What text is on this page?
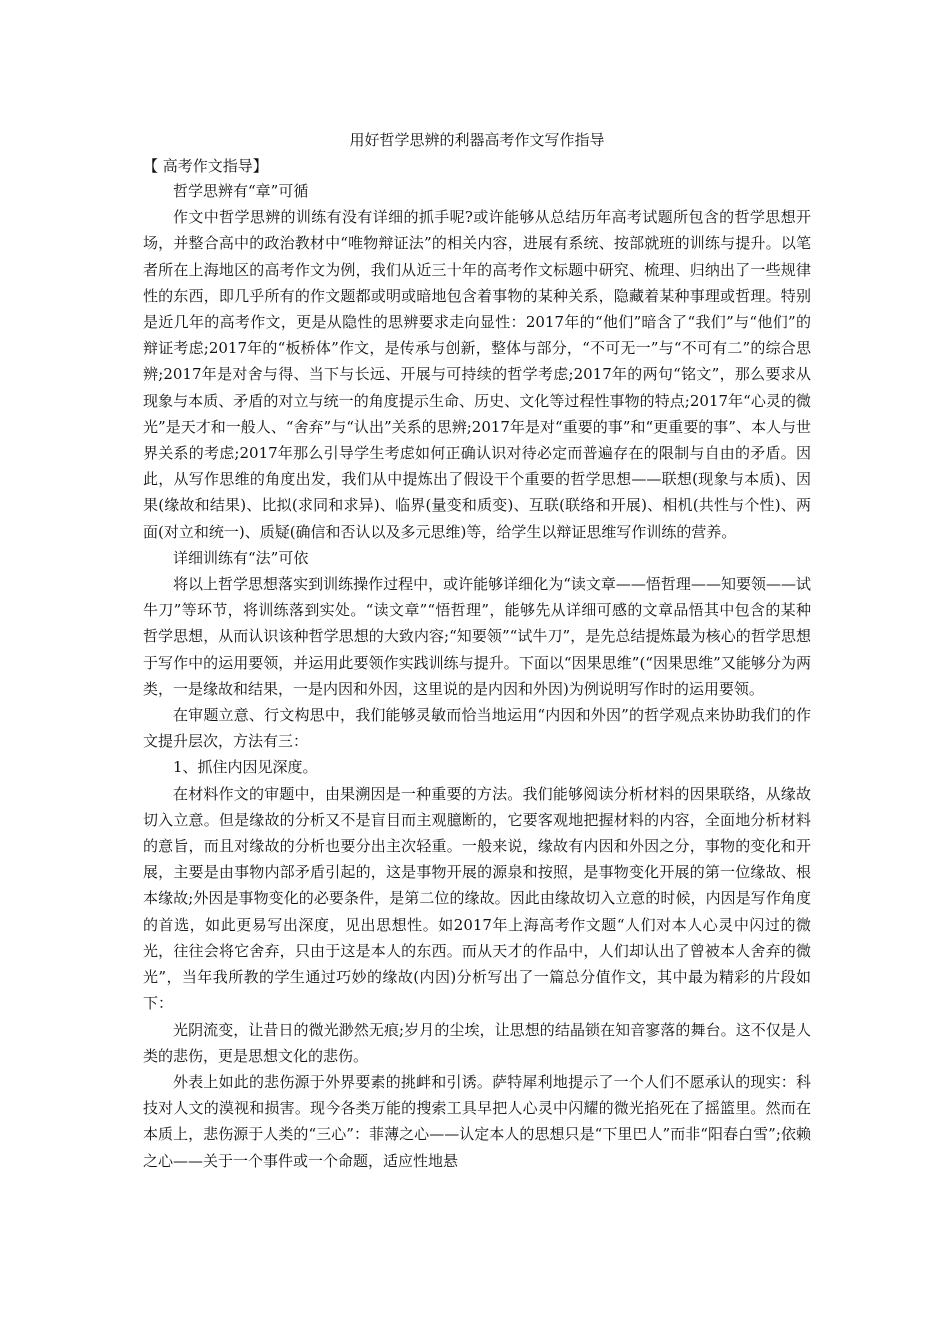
用好哲学思辨的利器高考作文写作指导

【 高考作文指导】

哲学思辨有“章”可循

作文中哲学思辨的训练有没有详细的抓手呢?或许能够从总结历年高考试题所包含的哲学思想开场，并整合高中的政治教材中“唯物辩证法”的相关内容，进展有系统、按部就班的训练与提升。以笔者所在上海地区的高考作文为例，我们从近三十年的高考作文标题中研究、梳理、归纳出了一些规律性的东西，即几乎所有的作文题都或明或暗地包含着事物的某种关系，隐藏着某种事理或哲理。特别是近几年的高考作文，更是从隐性的思辨要求走向显性：2017年的“他们”暗含了“我们”与“他们”的辩证考虑;2017年的“板桥体”作文，是传承与创新，整体与部分，“不可无一”与“不可有二”的综合思辨;2017年是对舍与得、当下与长远、开展与可持续的哲学考虑;2017年的两句“铭文”，那么要求从现象与本质、矛盾的对立与统一的角度提示生命、历史、文化等过程性事物的特点;2017年“心灵的微光”是天才和一般人、“舍弃”与“认出”关系的思辨;2017年是对“重要的事”和“更重要的事”、本人与世界关系的考虑;2017年那么引导学生考虑如何正确认识对待必定而普遍存在的限制与自由的矛盾。因此，从写作思维的角度出发，我们从中提炼出了假设干个重要的哲学思想——联想(现象与本质)、因果(缘故和结果)、比拟(求同和求异)、临界(量变和质变)、互联(联络和开展)、相机(共性与个性)、两面(对立和统一)、质疑(确信和否认以及多元思维)等，给学生以辩证思维写作训练的营养。

详细训练有“法”可依

将以上哲学思想落实到训练操作过程中，或许能够详细化为“读文章——悟哲理——知要领——试牛刀”等环节，将训练落到实处。“读文章”“悟哲理”，能够先从详细可感的文章品悟其中包含的某种哲学思想，从而认识该种哲学思想的大致内容;“知要领”“试牛刀”，是先总结提炼最为核心的哲学思想于写作中的运用要领，并运用此要领作实践训练与提升。下面以“因果思维”(“因果思维”又能够分为两类，一是缘故和结果，一是内因和外因，这里说的是内因和外因)为例说明写作时的运用要领。

在审题立意、行文构思中，我们能够灵敏而恰当地运用“内因和外因”的哲学观点来协助我们的作文提升层次，方法有三：

1、抓住内因见深度。

在材料作文的审题中，由果溯因是一种重要的方法。我们能够阅读分析材料的因果联络，从缘故切入立意。但是缘故的分析又不是盲目而主观臆断的，它要客观地把握材料的内容，全面地分析材料的意旨，而且对缘故的分析也要分出主次轻重。一般来说，缘故有内因和外因之分，事物的变化和开展，主要是由事物内部矛盾引起的，这是事物开展的源泉和按照，是事物变化开展的第一位缘故、根本缘故;外因是事物变化的必要条件，是第二位的缘故。因此由缘故切入立意的时候，内因是写作角度的首选，如此更易写出深度，见出思想性。如2017年上海高考作文题“人们对本人心灵中闪过的微光，往往会将它舍弃，只由于这是本人的东西。而从天才的作品中，人们却认出了曾被本人舍弃的微光”，当年我所教的学生通过巧妙的缘故(内因)分析写出了一篇总分值作文，其中最为精彩的片段如下：

光阴流变，让昔日的微光渺然无痕;岁月的尘埃，让思想的结晶锁在知音寥落的舞台。这不仅是人类的悲伤，更是思想文化的悲伤。

外表上如此的悲伤源于外界要素的挑衅和引诱。萨特犀利地提示了一个人们不愿承认的现实：科技对人文的漠视和损害。现今各类万能的搜索工具早把人心灵中闪耀的微光掐死在了摇篮里。然而在本质上，悲伤源于人类的“三心”：菲薄之心——认定本人的思想只是“下里巴人”而非“阳春白雪”;依赖之心——关于一个事件或一个命题，适应性地悬
